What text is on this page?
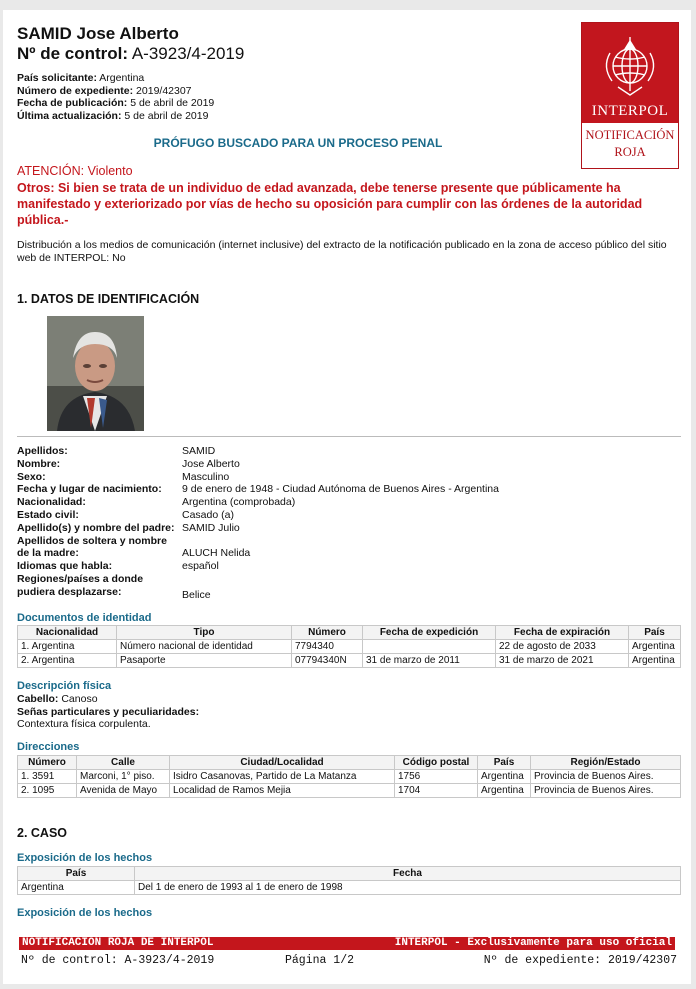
SAMID Jose Alberto
Nº de control: A-3923/4-2019
País solicitante: Argentina
Número de expediente: 2019/42307
Fecha de publicación: 5 de abril de 2019
Última actualización: 5 de abril de 2019	INTERPOL
NOTIFICACIÓN
ROJA
PRÓFUGO BUSCADO PARA UN PROCESO PENAL
ATENCIÓN: Violento
Otros: Si bien se trata de un individuo de edad avanzada, debe tenerse presente que públicamente ha manifestado y exteriorizado por vías de hecho su oposición para cumplir con las órdenes de la autoridad pública.-
Distribución a los medios de comunicación (internet inclusive) del extracto de la notificación publicado en la zona de acceso público del sitio web de INTERPOL: No
1. DATOS DE IDENTIFICACIÓN
Apellidos:	SAMID
Nombre:	Jose Alberto
Sexo:	Masculino
Fecha y lugar de nacimiento:	9 de enero de 1948 - Ciudad Autónoma de Buenos Aires - Argentina
Nacionalidad:	Argentina (comprobada)
Estado civil:	Casado (a)
Apellido(s) y nombre del padre: SAMID Julio
Apellidos de soltera y nombre
de la madre:	ALUCH Nelida
Idiomas que habla:	español
Regiones/países a donde
pudiera desplazarse:	Belice
Documentos de identidad
Nacionalidad	Tipo	Número	Fecha de expedición	Fecha de expiración	País
1. Argentina	Número nacional de identidad	7794340		22 de agosto de 2033	Argentina
2. Argentina	Pasaporte	07794340N	31 de marzo de 2011	31 de marzo de 2021	Argentina
Descripción física
Cabello: Canoso
Señas particulares y peculiaridades:
Contextura física corpulenta.
Direcciones
Número	Calle	Ciudad/Localidad	Código postal	País	Región/Estado
1. 3591	Marconi, 1° piso.	Isidro Casanovas, Partido de La Matanza	1756	Argentina	Provincia de Buenos Aires.
2. 1095	Avenida de Mayo	Localidad de Ramos Mejia	1704	Argentina	Provincia de Buenos Aires.
2. CASO
Exposición de los hechos
País	Fecha
Argentina	Del 1 de enero de 1993 al 1 de enero de 1998
Exposición de los hechos
NOTIFICACIÓN ROJA DE INTERPOL	INTERPOL - Exclusivamente para uso oficial
Nº de control: A-3923/4-2019	Página 1/2	Nº de expediente: 2019/42307
